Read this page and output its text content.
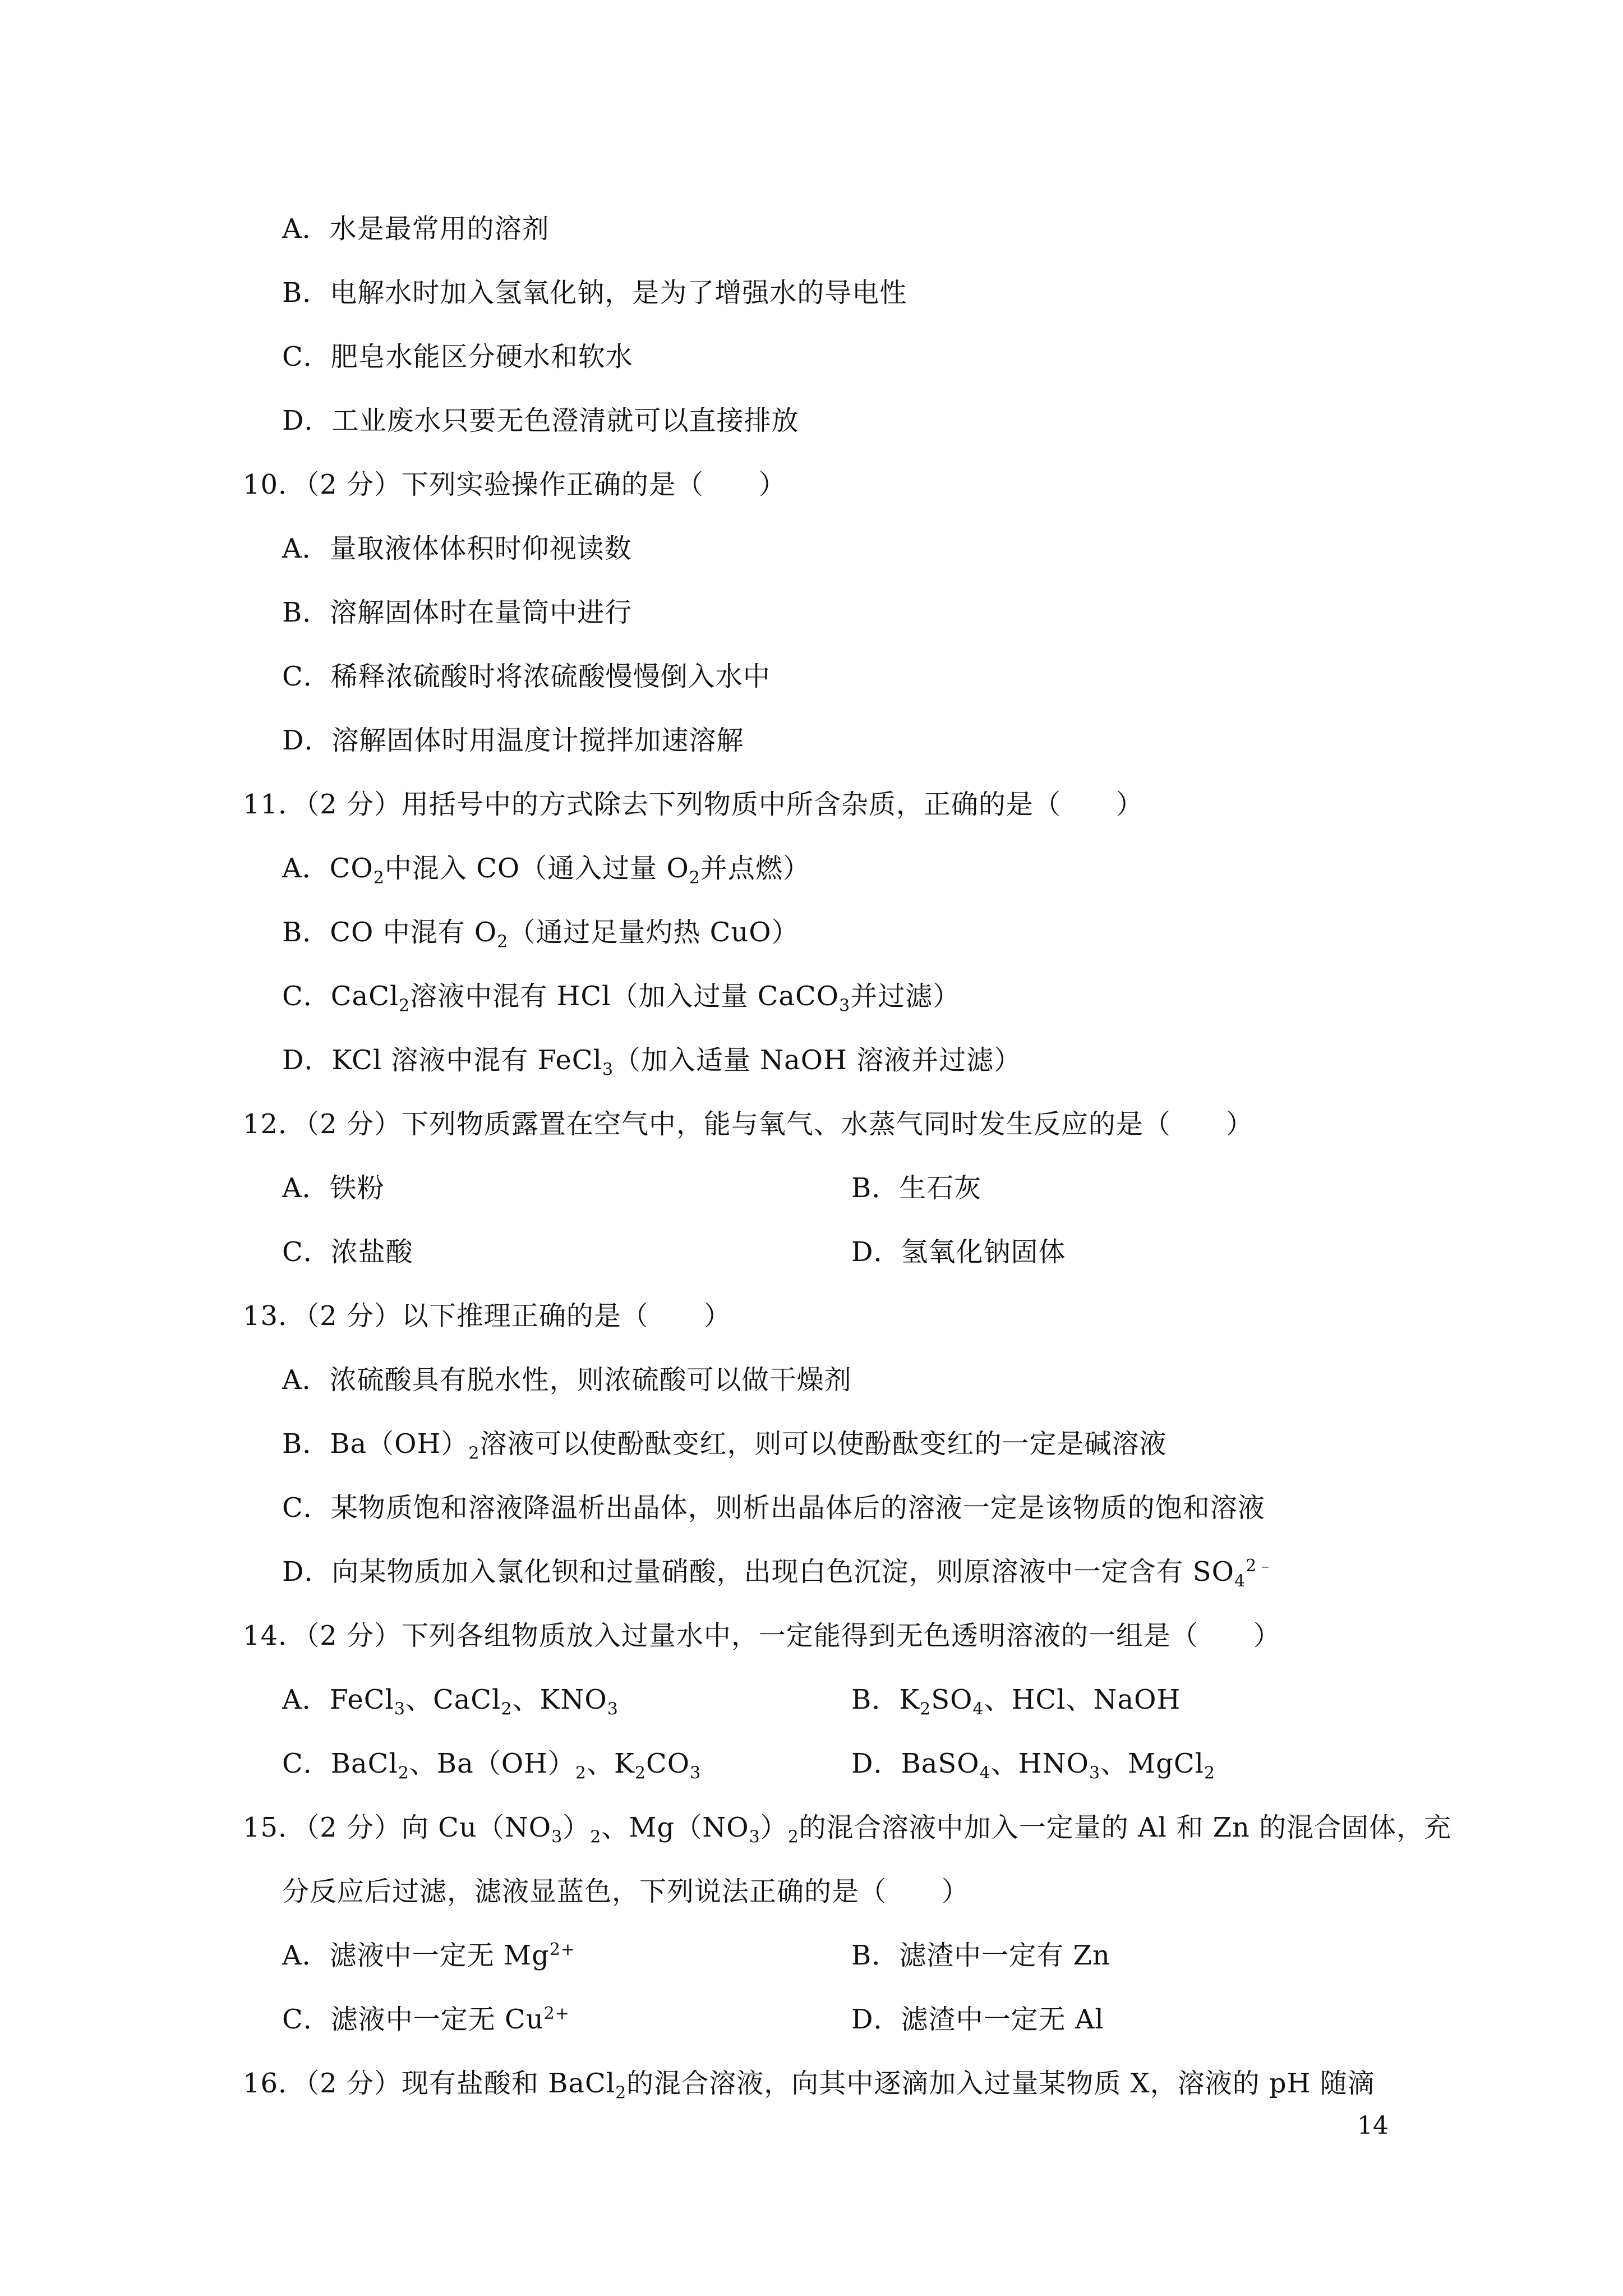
A．水是最常用的溶剂
B．电解水时加入氢氧化钠，是为了增强水的导电性
C．肥皂水能区分硬水和软水
D．工业废水只要无色澄清就可以直接排放
10．（2 分）下列实验操作正确的是（　　）
A．量取液体体积时仰视读数
B．溶解固体时在量筒中进行
C．稀释浓硫酸时将浓硫酸慢慢倒入水中
D．溶解固体时用温度计搅拌加速溶解
11．（2 分）用括号中的方式除去下列物质中所含杂质，正确的是（　　）
A．$CO_2$中混入 CO（通入过量 $O_2$并点燃）
B．CO 中混有 $O_2$（通过足量灼热 CuO）
C．CaCl$_2$溶液中混有 HCl（加入过量 CaCO$_3$并过滤）
D．KCl 溶液中混有 FeCl$_3$（加入适量 NaOH 溶液并过滤）
12．（2 分）下列物质露置在空气中，能与氧气、水蒸气同时发生反应的是（　　）
A．铁粉	B．生石灰
C．浓盐酸	D．氢氧化钠固体
13．（2 分）以下推理正确的是（　　）
A．浓硫酸具有脱水性，则浓硫酸可以做干燥剂
B．$Ba(OH)_2$溶液可以使酚酞变红，则可以使酚酞变红的一定是碱溶液
C．某物质饱和溶液降温析出晶体，则析出晶体后的溶液一定是该物质的饱和溶液
D．向某物质加入氯化钡和过量硝酸，出现白色沉淀，则原溶液中一定含有 $SO_4^{2﹣}$
14．（2 分）下列各组物质放入过量水中，一定能得到无色透明溶液的一组是（　　）
A．FeCl$_3$、CaCl$_2$、$KNO_3$	B．$K_2SO_4$、HCl、NaOH
C．BaCl$_2$、$Ba(OH)_2$、$K_2CO_3$	D．BaSO$_4$、$HNO_3$、MgCl$_2$
15．（2 分）向 $Cu(NO_3)_2$、$Mg(NO_3)_2$的混合溶液中加入一定量的 Al 和 Zn 的混合固体，充
分反应后过滤，滤液显蓝色，下列说法正确的是（　　）
A．滤液中一定无 $Mg^{2+}$	B．滤渣中一定有 Zn
C．滤液中一定无 $Cu^{2+}$	D．滤渣中一定无 Al
16．（2 分）现有盐酸和 BaCl$_2$的混合溶液，向其中逐滴加入过量某物质 X，溶液的 pH 随滴
14
